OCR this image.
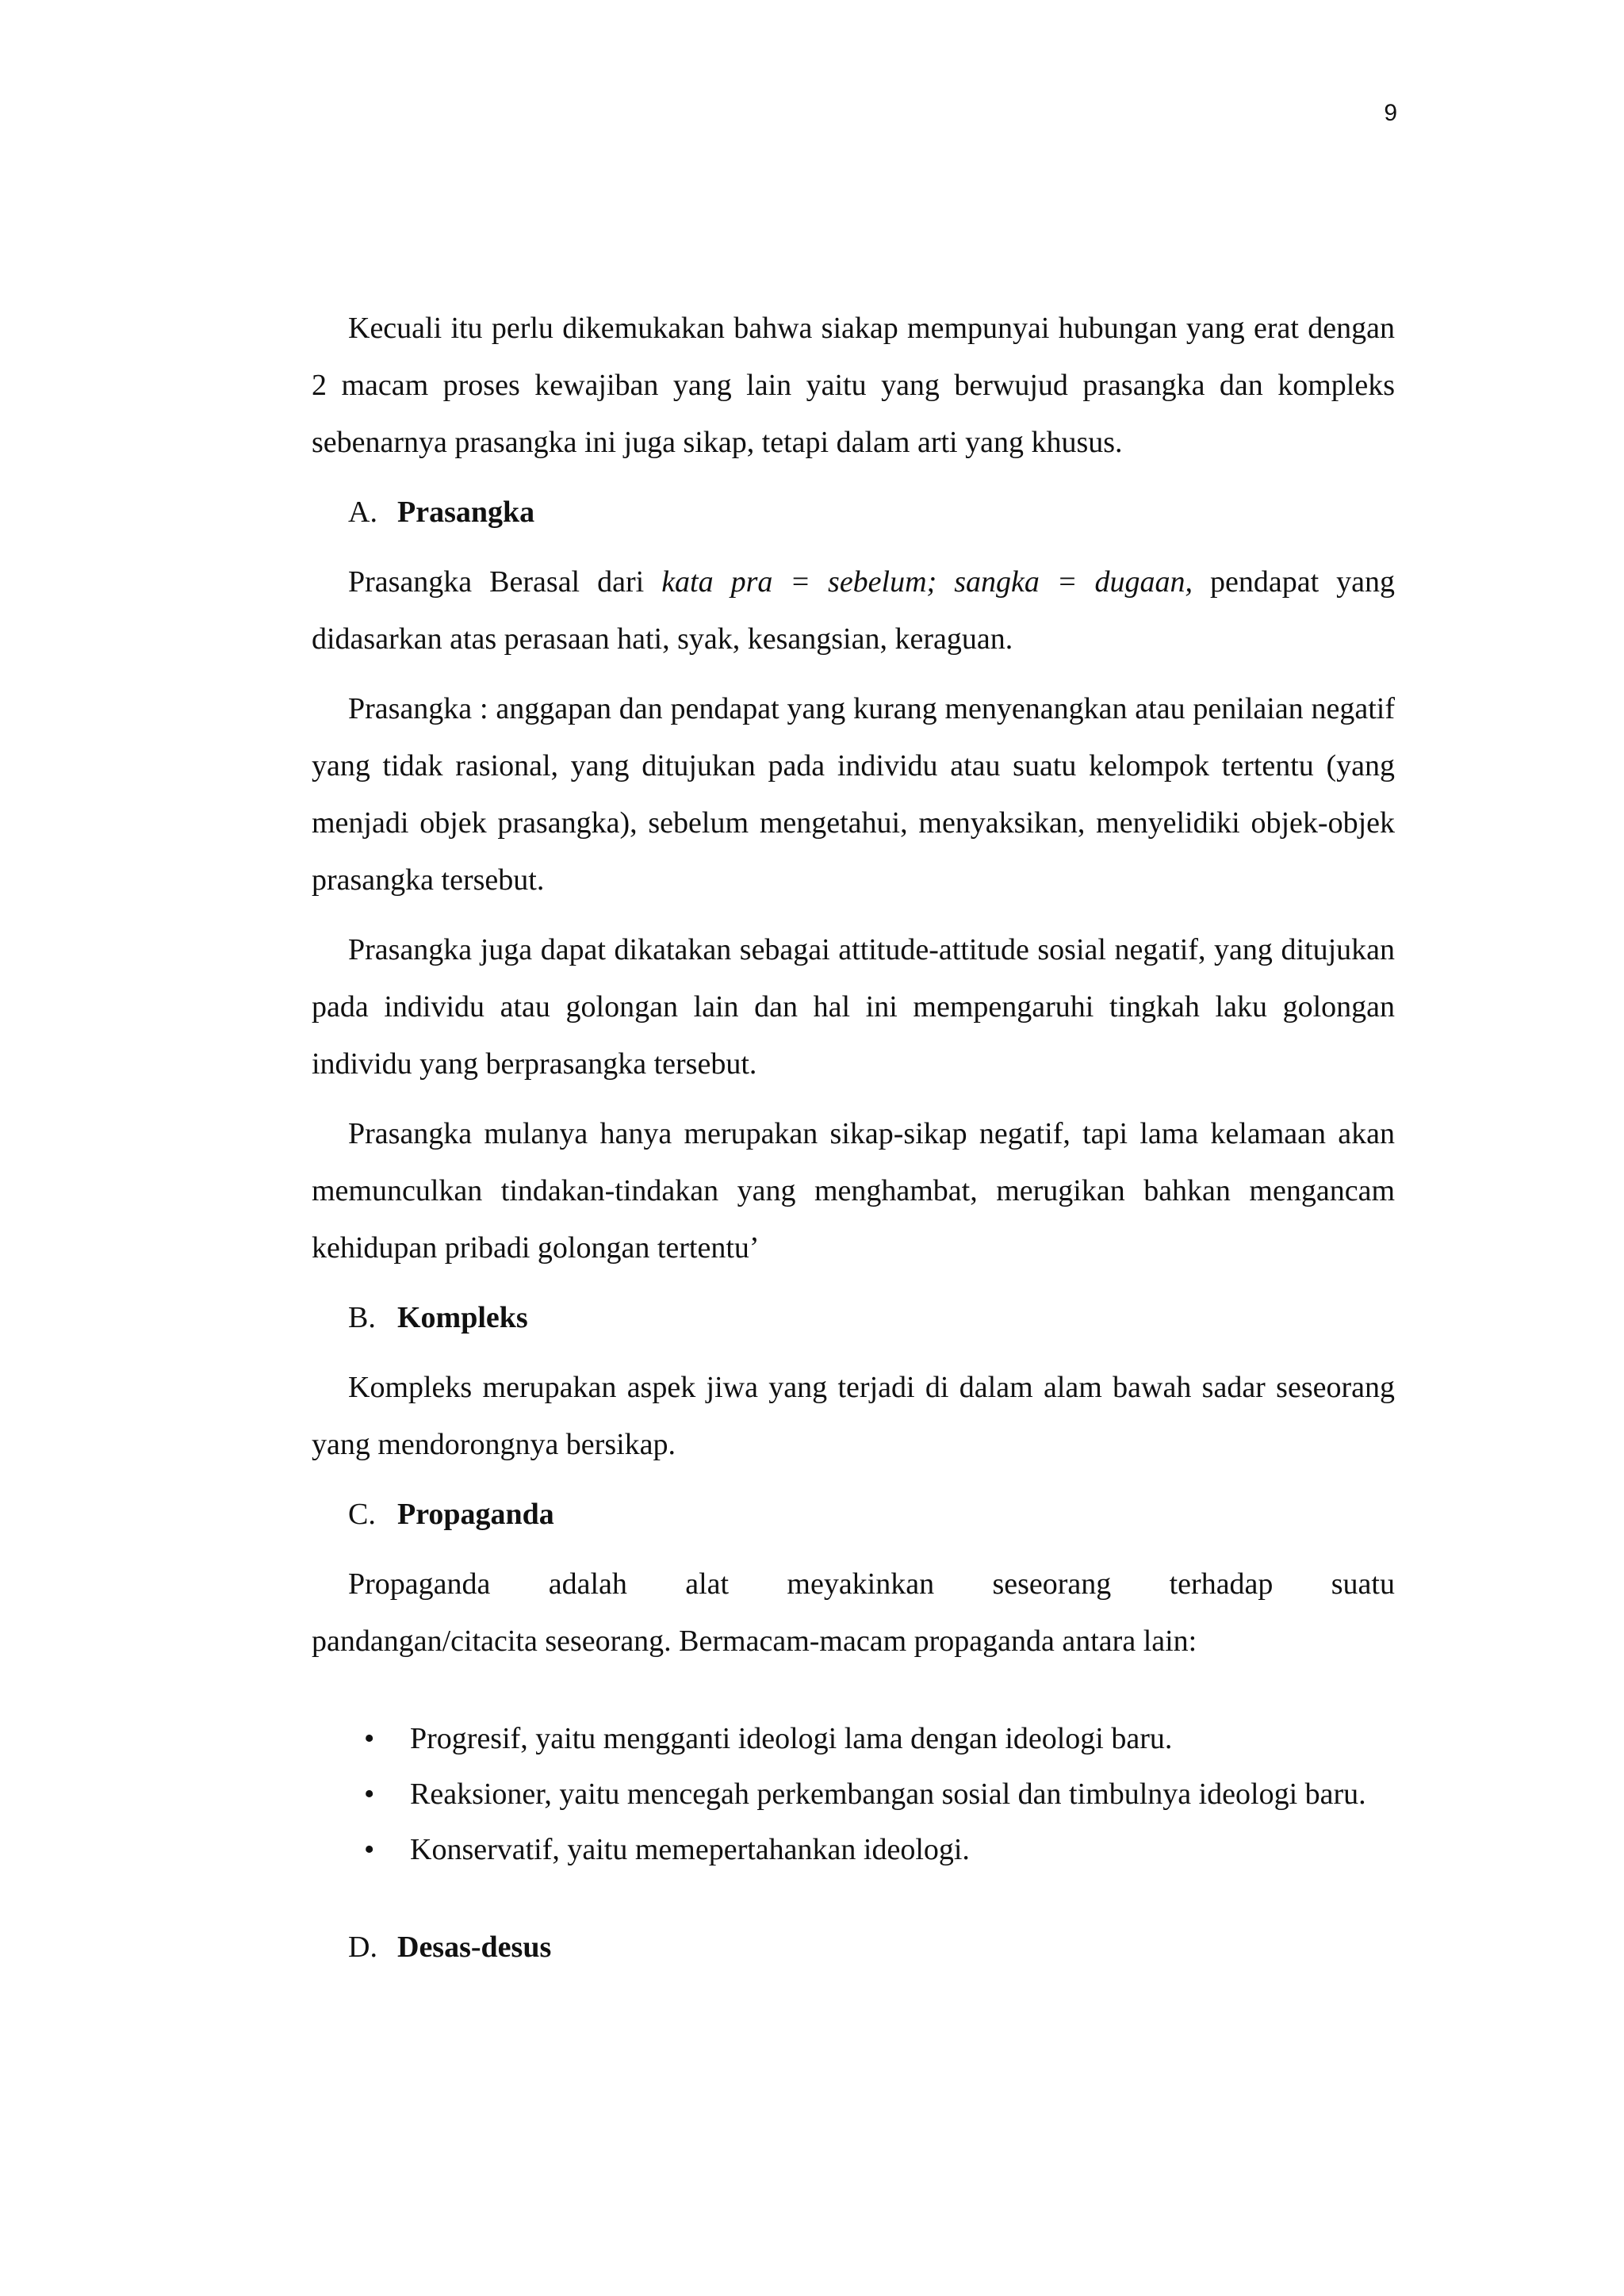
9

Kecuali itu perlu dikemukakan bahwa siakap mempunyai hubungan yang erat dengan 2 macam proses kewajiban yang lain yaitu yang berwujud prasangka dan kompleks sebenarnya prasangka ini juga sikap, tetapi dalam arti yang khusus.

A. Prasangka

Prasangka Berasal dari kata pra = sebelum; sangka = dugaan, pendapat yang didasarkan atas perasaan hati, syak, kesangsian, keraguan.

Prasangka : anggapan dan pendapat yang kurang menyenangkan atau penilaian negatif yang tidak rasional, yang ditujukan pada individu atau suatu kelompok tertentu (yang menjadi objek prasangka), sebelum mengetahui, menyaksikan, menyelidiki objek-objek prasangka tersebut.

Prasangka juga dapat dikatakan sebagai attitude-attitude sosial negatif, yang ditujukan pada individu atau golongan lain dan hal ini mempengaruhi tingkah laku golongan individu yang berprasangka tersebut.

Prasangka mulanya hanya merupakan sikap-sikap negatif, tapi lama kelamaan akan memunculkan tindakan-tindakan yang menghambat, merugikan bahkan mengancam kehidupan pribadi golongan tertentu’

B. Kompleks

Kompleks merupakan aspek jiwa yang terjadi di dalam alam bawah sadar seseorang yang mendorongnya bersikap.

C. Propaganda
Propaganda adalah alat meyakinkan seseorang terhadap suatu
pandangan/citacita seseorang. Bermacam-macam propaganda antara lain:
• Progresif, yaitu mengganti ideologi lama dengan ideologi baru.
• Reaksioner, yaitu mencegah perkembangan sosial dan timbulnya ideologi baru.
• Konservatif, yaitu memepertahankan ideologi.
D. Desas-desus
